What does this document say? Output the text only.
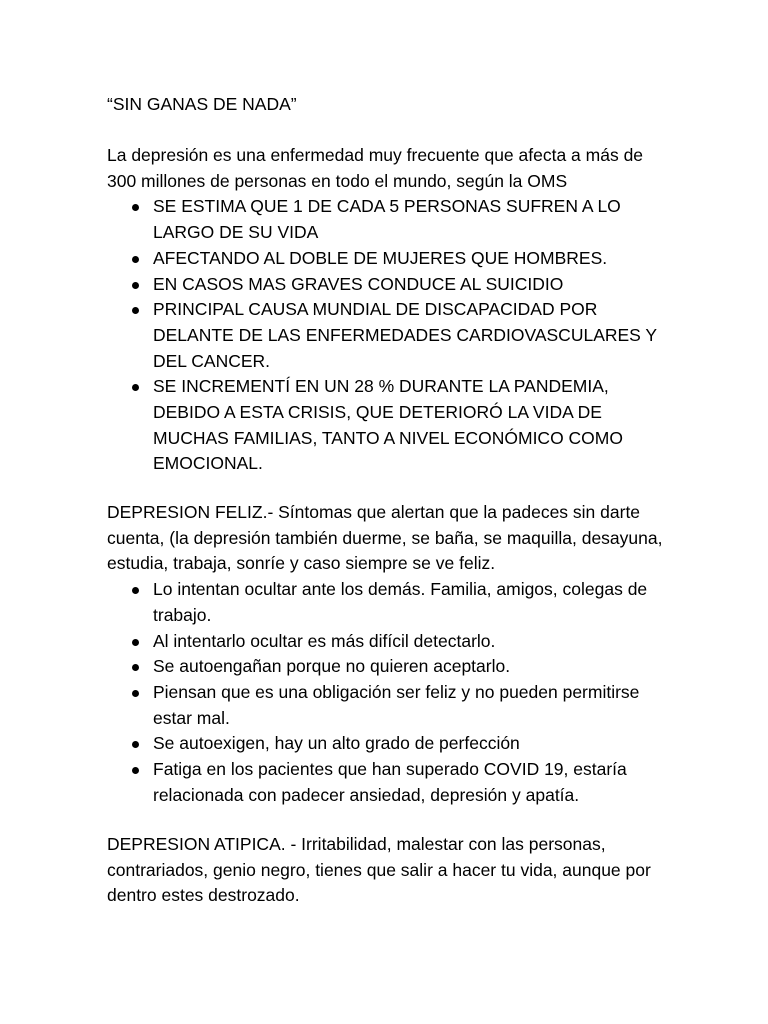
“SIN GANAS DE NADA”

La depresión es una enfermedad muy frecuente que afecta a más de 300 millones de personas en todo el mundo, según la OMS

SE ESTIMA QUE 1 DE CADA 5 PERSONAS SUFREN A LO LARGO DE SU VIDA
AFECTANDO AL DOBLE DE MUJERES QUE HOMBRES.
EN CASOS MAS GRAVES CONDUCE AL SUICIDIO
PRINCIPAL CAUSA MUNDIAL DE DISCAPACIDAD POR DELANTE DE LAS ENFERMEDADES CARDIOVASCULARES Y DEL CANCER.
SE INCREMENTÍ EN UN 28 % DURANTE LA PANDEMIA, DEBIDO A ESTA CRISIS, QUE DETERIORÓ LA VIDA DE MUCHAS FAMILIAS, TANTO A NIVEL ECONÓMICO COMO EMOCIONAL.

DEPRESION FELIZ.- Síntomas que alertan que la padeces sin darte cuenta, (la depresión también duerme, se baña, se maquilla, desayuna, estudia, trabaja, sonríe y caso siempre se ve feliz.

Lo intentan ocultar ante los demás. Familia, amigos, colegas de trabajo.
Al intentarlo ocultar es más difícil detectarlo.
Se autoengañan porque no quieren aceptarlo.
Piensan que es una obligación ser feliz y no pueden permitirse estar mal.
Se autoexigen, hay un alto grado de perfección
Fatiga en los pacientes que han superado COVID 19, estaría relacionada con padecer ansiedad, depresión y apatía.

DEPRESION ATIPICA. - Irritabilidad, malestar con las personas, contrariados, genio negro, tienes que salir a hacer tu vida, aunque por dentro estes destrozado.
